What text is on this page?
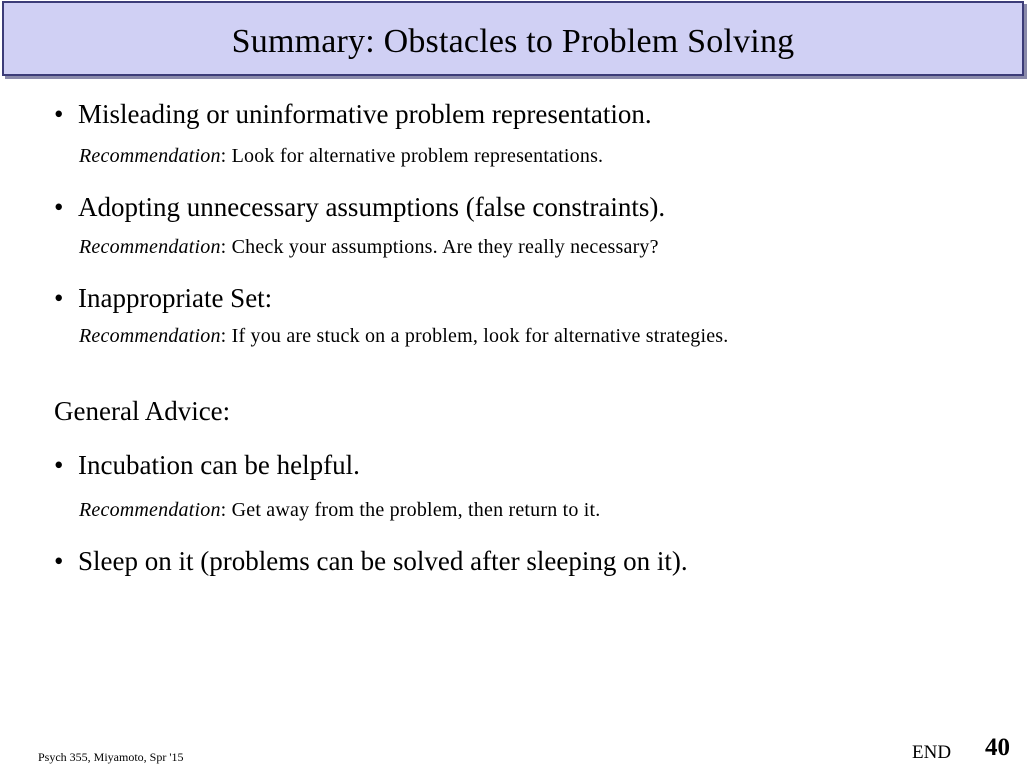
Summary: Obstacles to Problem Solving
• Misleading or uninformative problem representation.
Recommendation: Look for alternative problem representations.
• Adopting unnecessary assumptions (false constraints).
Recommendation: Check your assumptions. Are they really necessary?
• Inappropriate Set:
Recommendation: If you are stuck on a problem, look for alternative strategies.
General Advice:
• Incubation can be helpful.
Recommendation: Get away from the problem, then return to it.
• Sleep on it (problems can be solved after sleeping on it).
Psych 355, Miyamoto, Spr '15	END 40
